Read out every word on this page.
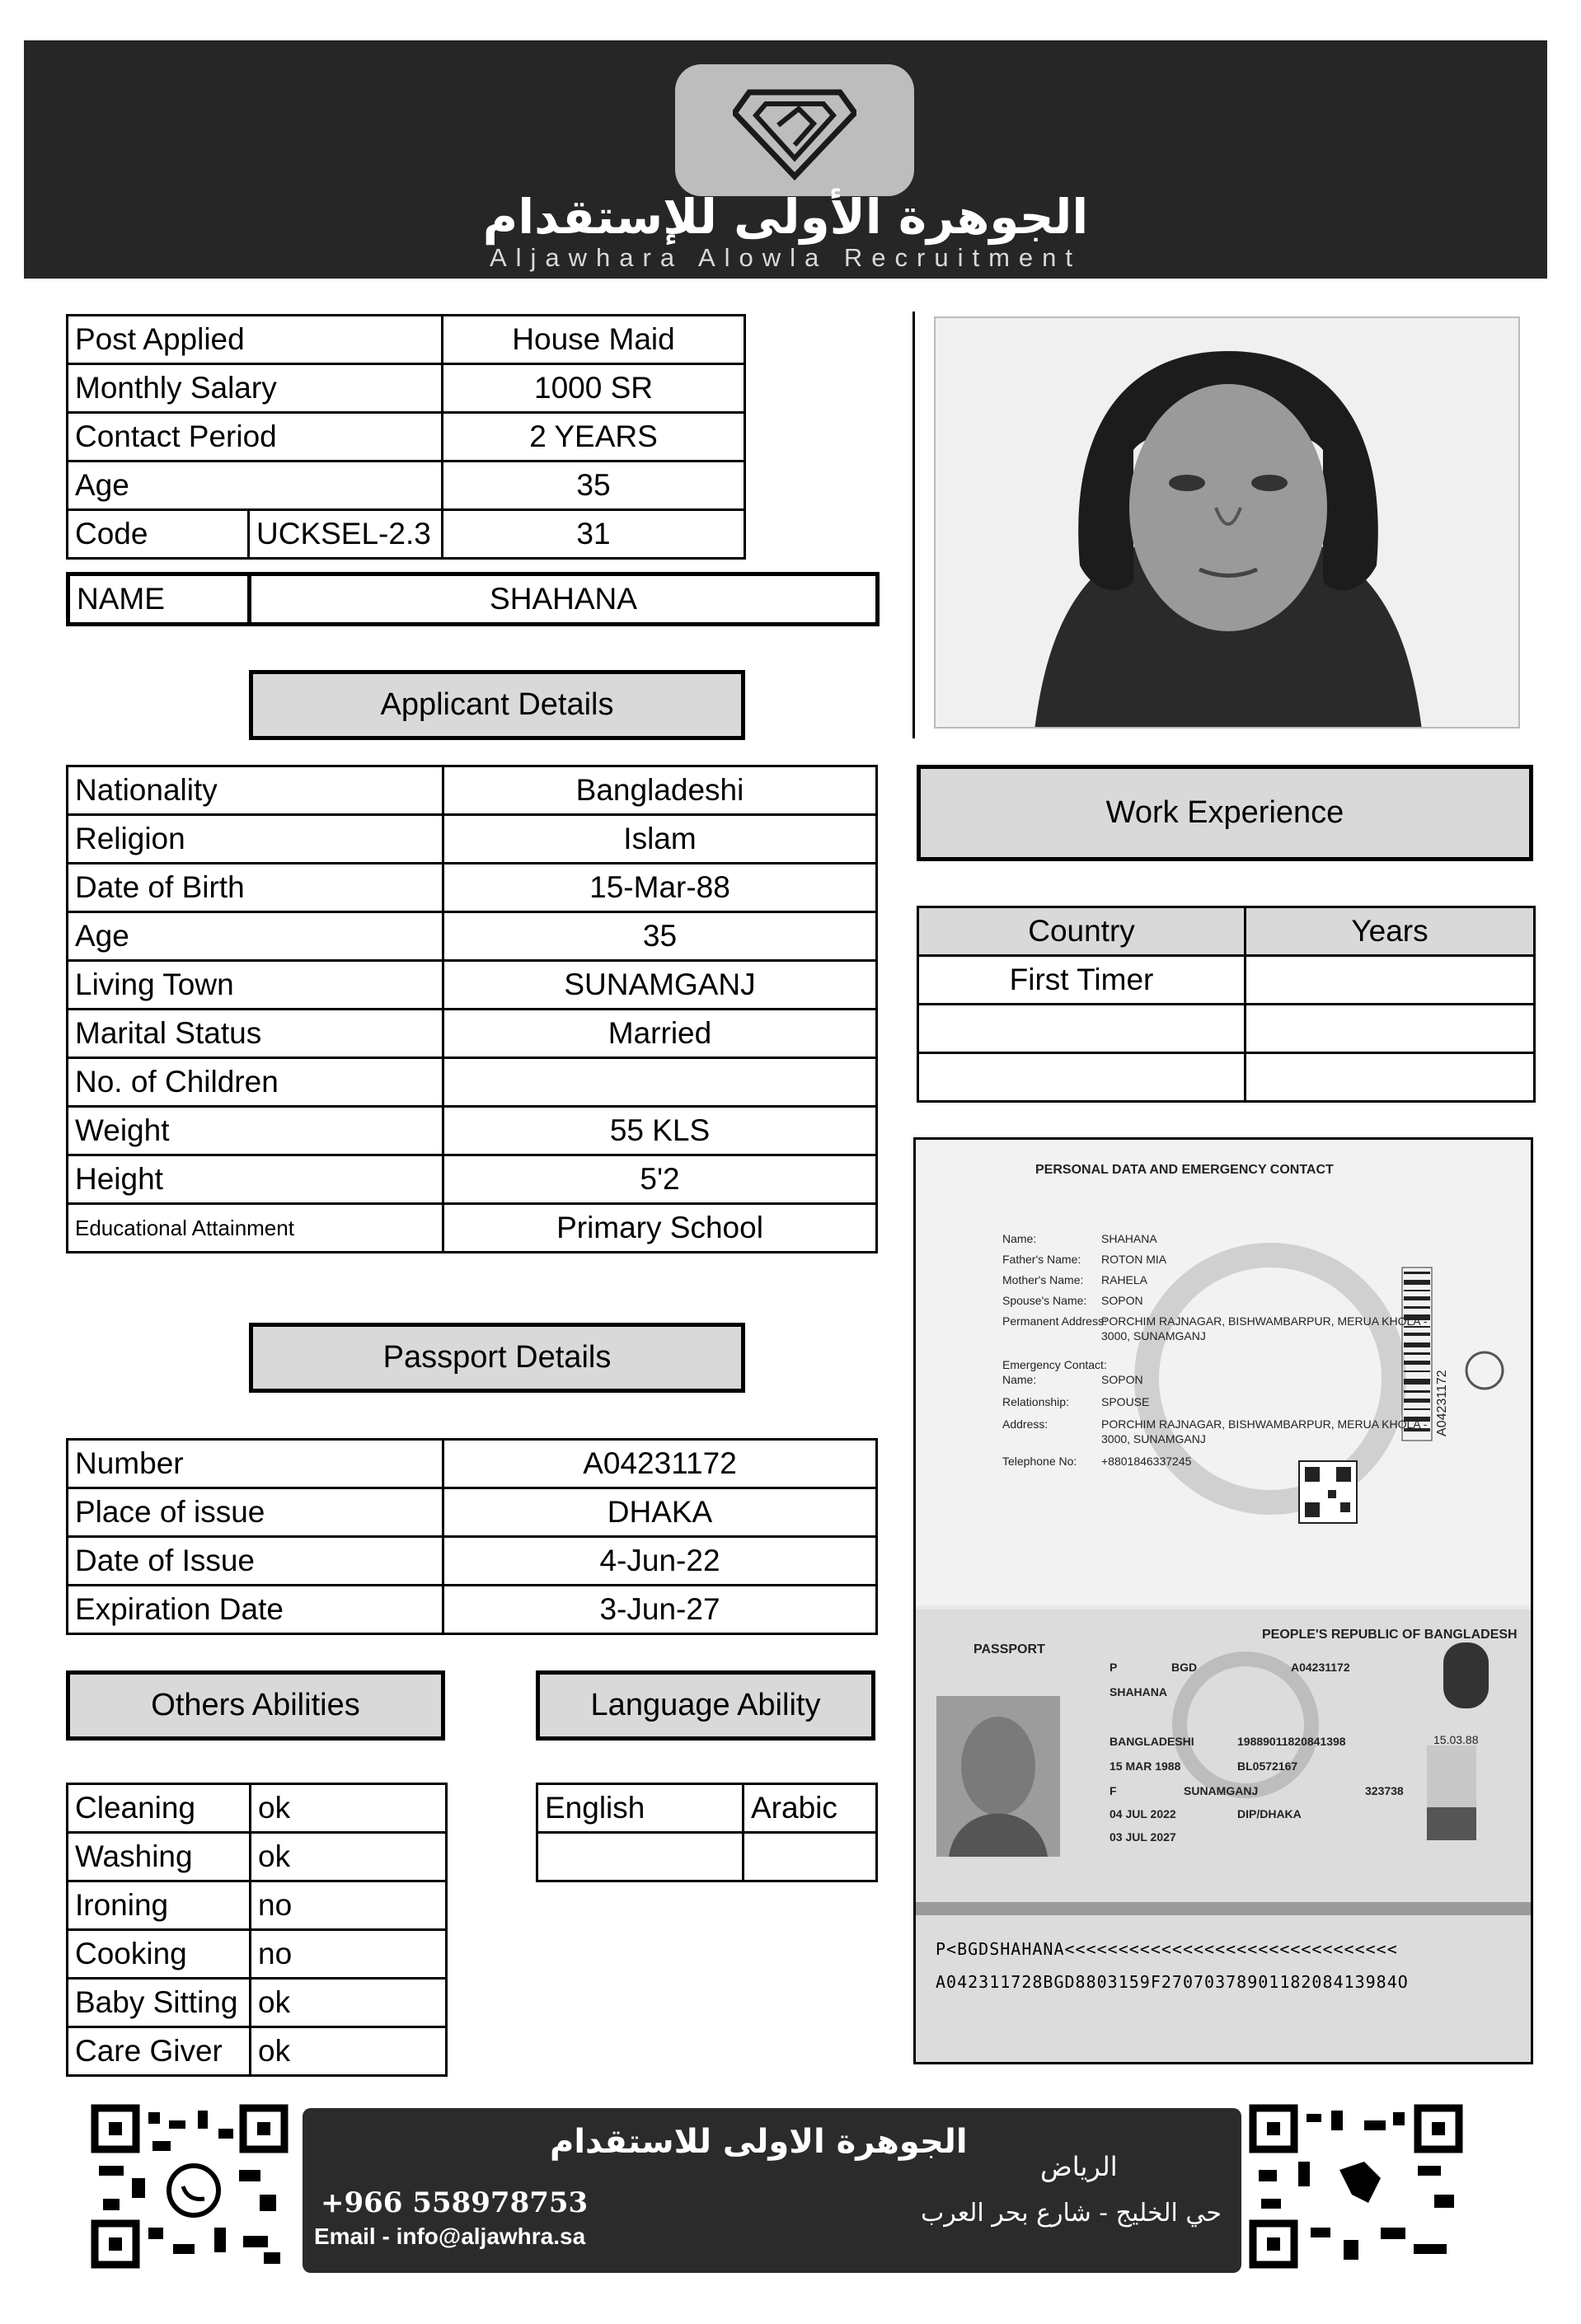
الجوهرة الأولى للإستقدام
Aljawhara Alowla Recruitment
Post Applied		House Maid
Monthly Salary		1000 SR
Contact Period		2 YEARS
Age		35
Code	UCKSEL-2.3	31
NAME	SHAHANA
Applicant Details
Nationality	Bangladeshi
Religion	Islam
Date of Birth	15-Mar-88
Age	35
Living Town	SUNAMGANJ
Marital Status	Married
No. of Children	
Weight	55 KLS
Height	5'2
Educational Attainment	Primary School
Work Experience
Country	Years
First Timer	

Passport Details
Number	A04231172
Place of issue	DHAKA
Date of Issue	4-Jun-22
Expiration Date	3-Jun-27
Others Abilities
Cleaning	ok
Washing	ok
Ironing	no
Cooking	no
Baby Sitting	ok
Care Giver	ok
Language Ability
English	Arabic

PERSONAL DATA AND EMERGENCY CONTACT
Name:	SHAHANA
Father's Name: ROTON MIA
Mother's Name: RAHELA
Spouse's Name: SOPON
Permanent Address:
PORCHIM RAJNAGAR, BISHWAMBARPUR, MERUA KHOLA -
3000, SUNAMGANJ
Emergency Contact:
Name:	SOPON
Relationship:	SPOUSE
Address:	PORCHIM RAJNAGAR, BISHWAMBARPUR, MERUA KHOLA -
3000, SUNAMGANJ
Telephone No: +8801846337245
A04231172
PASSPORT
PEOPLE'S REPUBLIC OF BANGLADESH
P	BGD	A04231172
SHAHANA
BANGLADESHI	19889011820841398
15 MAR 1988	BL0572167
F	SUNAMGANJ	323738
04 JUL 2022	DIP/DHAKA
03 JUL 2027
15.03.88
P<BGDSHAHANA<<<<<<<<<<<<<<<<<<<<<<<<<<<<<<<
A042311728BGD8803159F2707037890118208413984O
الجوهرة الاولى للاستقدام
+966 558978753
Email - info@aljawhra.sa
الرياض
حي الخليج - شارع بحر العرب
